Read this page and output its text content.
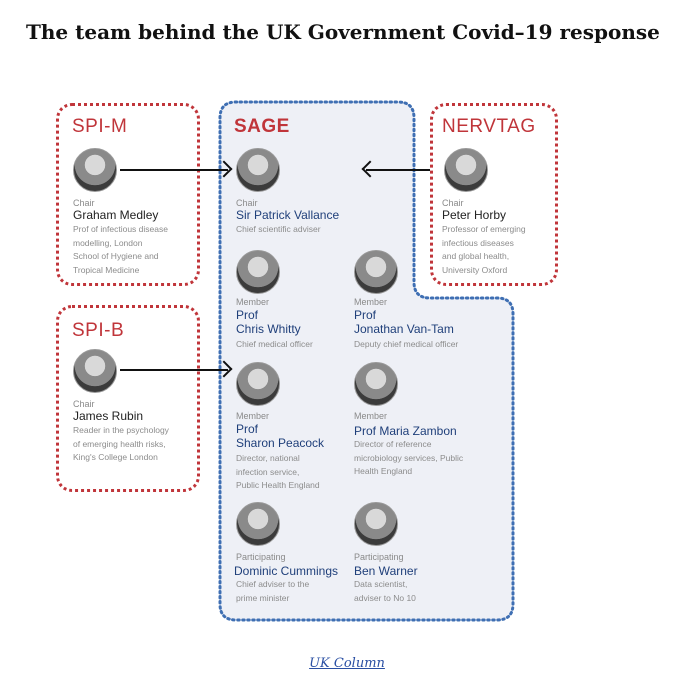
The team behind the UK Government Covid–19 response
SPI-M
Chair
Graham Medley
Prof of infectious disease
modelling, London
School of Hygiene and
Tropical Medicine
SPI-B
Chair
James Rubin
Reader in the psychology
of emerging health risks,
King's College London
NERVTAG
Chair
Peter Horby
Professor of emerging
infectious diseases
and global health,
University Oxford
SAGE
Chair
Sir Patrick Vallance
Chief scientific adviser
Member
Prof
Chris Whitty
Chief medical officer
Member
Prof
Jonathan Van-Tam
Deputy chief medical officer
Member
Prof
Sharon Peacock
Director, national
infection service,
Public Health England
Member
Prof Maria Zambon
Director of reference
microbiology services, Public
Health England
Participating
Dominic Cummings
Chief adviser to the
prime minister
Participating
Ben Warner
Data scientist,
adviser to No 10
UK Column
